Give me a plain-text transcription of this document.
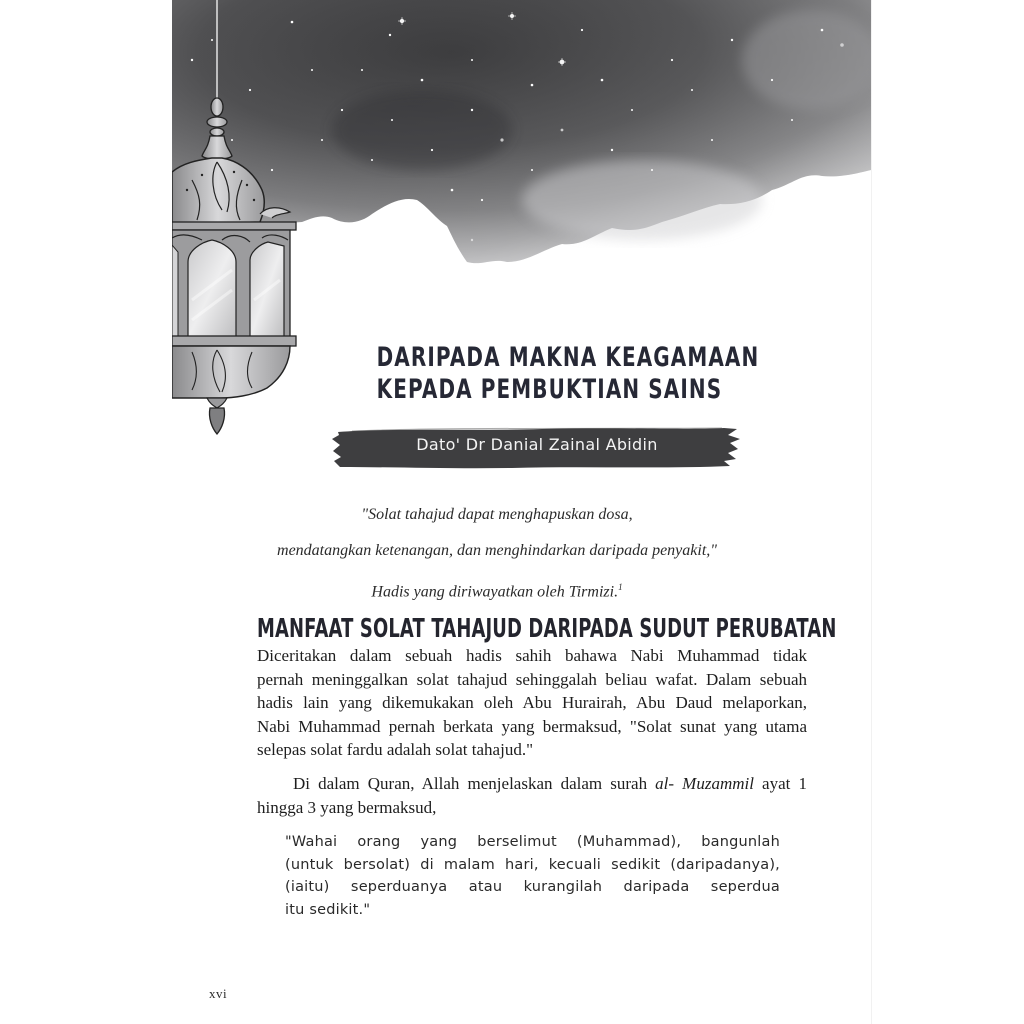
DARIPADA MAKNA KEAGAMAAN
KEPADA PEMBUKTIAN SAINS
Dato' Dr Danial Zainal Abidin
"Solat tahajud dapat menghapuskan dosa,
mendatangkan ketenangan, dan menghindarkan daripada penyakit,"
Hadis yang diriwayatkan oleh Tirmizi.$^1$
MANFAAT SOLAT TAHAJUD DARIPADA SUDUT PERUBATAN
Diceritakan dalam sebuah hadis sahih bahawa Nabi Muhammad tidak
pernah meninggalkan solat tahajud sehinggalah beliau wafat. Dalam sebuah
hadis lain yang dikemukakan oleh Abu Hurairah, Abu Daud melaporkan,
Nabi Muhammad pernah berkata yang bermaksud, "Solat sunat yang utama
selepas solat fardu adalah solat tahajud."
Di dalam Quran, Allah menjelaskan dalam surah al- Muzammil ayat 1
hingga 3 yang bermaksud,
"Wahai orang yang berselimut (Muhammad), bangunlah
(untuk bersolat) di malam hari, kecuali sedikit (daripadanya),
(iaitu) seperduanya atau kurangilah daripada seperdua
itu sedikit."
xvi
